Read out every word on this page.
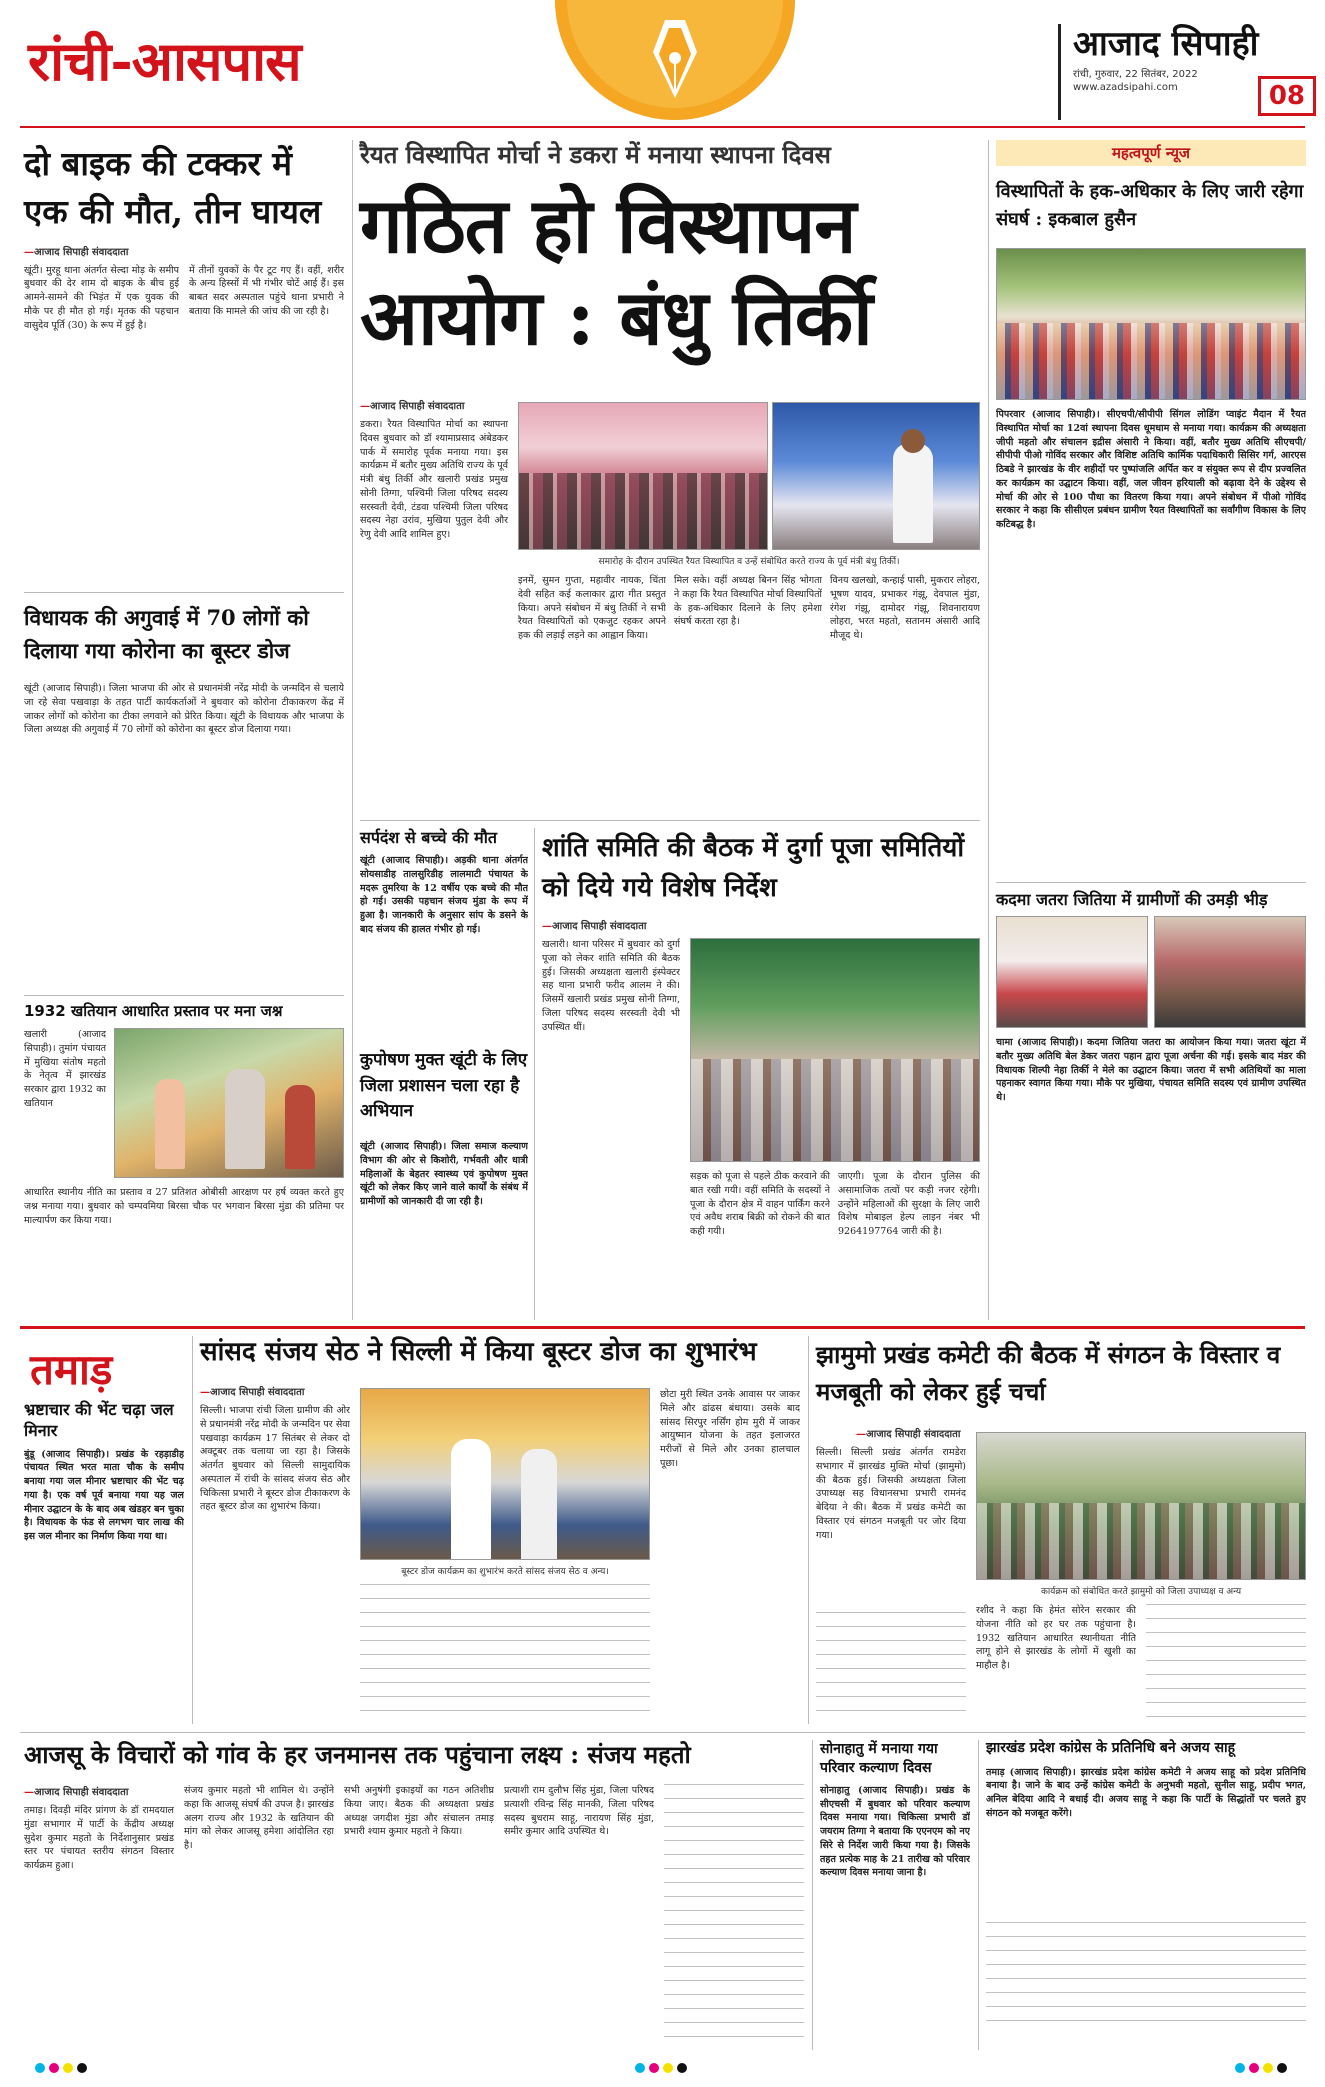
रांची-आसपास	आजाद सिपाही
रांची, गुरुवार, 22 सितंबर, 2022
www.azadsipahi.com	08
दो बाइक की टक्कर में एक की मौत, तीन घायल
— आजाद सिपाही संवाददाता
खूंटी। मुरहू थाना अंतर्गत सेल्दा मोड़ के समीप बुधवार की देर शाम दो बाइक के बीच हुई आमने-सामने की भिड़ंत में एक युवक की मौके पर ही मौत हो गई। मृतक की पहचान वासुदेव पूर्ति (30) के रूप में हुई है।
में तीनों युवकों के पैर टूट गए हैं। वहीं, शरीर के अन्य हिस्सों में भी गंभीर चोटें आई हैं। इस बाबत सदर अस्पताल पहुंचे थाना प्रभारी ने बताया कि मामले की जांच की जा रही है।
विधायक की अगुवाई में 70 लोगों को दिलाया गया कोरोना का बूस्टर डोज
खूंटी (आजाद सिपाही)। जिला भाजपा की ओर से प्रधानमंत्री नरेंद्र मोदी के जन्मदिन से चलाये जा रहे सेवा पखवाड़ा के तहत पार्टी कार्यकर्ताओं ने बुधवार को कोरोना टीकाकरण केंद्र में जाकर लोगों को कोरोना का टीका लगवाने को प्रेरित किया। खूंटी के विधायक और भाजपा के जिला अध्यक्ष की अगुवाई में 70 लोगों को कोरोना का बूस्टर डोज दिलाया गया।
1932 खतियान आधारित प्रस्ताव पर मना जश्न
खलारी (आजाद सिपाही)। तुमांग पंचायत में मुखिया संतोष महतो के नेतृत्व में झारखंड सरकार द्वारा 1932 का खतियान
आधारित स्थानीय नीति का प्रस्ताव व 27 प्रतिशत ओबीसी आरक्षण पर हर्ष व्यक्त करते हुए जश्न मनाया गया। बुधवार को चम्पवमिया बिरसा चौक पर भगवान बिरसा मुंडा की प्रतिमा पर माल्यार्पण कर किया गया।
रैयत विस्थापित मोर्चा ने डकरा में मनाया स्थापना दिवस
गठित हो विस्थापन
आयोग : बंधु तिर्की
— आजाद सिपाही संवाददाता
डकरा। रैयत विस्थापित मोर्चा का स्थापना दिवस बुधवार को डॉ श्यामाप्रसाद अंबेडकर पार्क में समारोह पूर्वक मनाया गया। इस कार्यक्रम में बतौर मुख्य अतिथि राज्य के पूर्व मंत्री बंधु तिर्की और खलारी प्रखंड प्रमुख सोनी तिग्गा, पश्चिमी जिला परिषद सदस्य सरस्वती देवी, टंडवा पश्चिमी जिला परिषद सदस्य नेहा उरांव, मुखिया पुतुल देवी और रेणु देवी आदि शामिल हुए।
समारोह के दौरान उपस्थित रैयत विस्थापित व उन्हें संबोधित करते राज्य के पूर्व मंत्री बंधु तिर्की।
इनमें, सुमन गुप्ता, महावीर नायक, चिंता देवी सहित कई कलाकार द्वारा गीत प्रस्तुत किया। अपने संबोधन में बंधु तिर्की ने सभी रैयत विस्थापितों को एकजुट रहकर अपने हक की लड़ाई लड़ने का आह्वान किया।
मिल सके। वहीं अध्यक्ष बिनन सिंह भोगता ने कहा कि रैयत विस्थापित मोर्चा विस्थापितों के हक-अधिकार दिलाने के लिए हमेशा संघर्ष करता रहा है।
विनय खलखो, कन्हाई पासी, मुकरार लोहरा, भूषण यादव, प्रभाकर गंझू, देवपाल मुंडा, रंगेश गंझू, दामोदर गंझू, शिवनारायण लोहरा, भरत महतो, सतानम अंसारी आदि मौजूद थे।
सर्पदंश से बच्चे की मौत
खूंटी (आजाद सिपाही)। अड़की थाना अंतर्गत सोयसाडीह तालसुरिडीह लालमाटी पंचायत के मदरू तुमरिया के 12 वर्षीय एक बच्चे की मौत हो गई। उसकी पहचान संजय मुंडा के रूप में हुआ है। जानकारी के अनुसार सांप के डसने के बाद संजय की हालत गंभीर हो गई।
कुपोषण मुक्त खूंटी के लिए जिला प्रशासन चला रहा है अभियान
खूंटी (आजाद सिपाही)। जिला समाज कल्याण विभाग की ओर से किशोरी, गर्भवती और धात्री महिलाओं के बेहतर स्वास्थ्य एवं कुपोषण मुक्त खूंटी को लेकर किए जाने वाले कार्यों के संबंध में ग्रामीणों को जानकारी दी जा रही है।
शांति समिति की बैठक में दुर्गा पूजा समितियों को दिये गये विशेष निर्देश
— आजाद सिपाही संवाददाता
खलारी। थाना परिसर में बुधवार को दुर्गा पूजा को लेकर शांति समिति की बैठक हुई। जिसकी अध्यक्षता खलारी इंस्पेक्टर सह थाना प्रभारी फरीद आलम ने की। जिसमें खलारी प्रखंड प्रमुख सोनी तिग्गा, जिला परिषद सदस्य सरस्वती देवी भी उपस्थित थीं।
सड़क को पूजा से पहले ठीक करवाने की बात रखी गयी। वहीं समिति के सदस्यों ने पूजा के दौरान क्षेत्र में वाहन पार्किंग करने एवं अवैध शराब बिक्री को रोकने की बात कही गयी।
जाएगी। पूजा के दौरान पुलिस की असामाजिक तत्वों पर कड़ी नजर रहेगी। उन्होंने महिलाओं की सुरक्षा के लिए जारी विशेष मोबाइल हेल्प लाइन नंबर भी 9264197764 जारी की है।
महत्वपूर्ण न्यूज
विस्थापितों के हक-अधिकार के लिए जारी रहेगा संघर्ष : इकबाल हुसैन
पिपरवार (आजाद सिपाही)। सीएचपी/सीपीपी सिंगल लोडिंग प्वाइंट मैदान में रैयत विस्थापित मोर्चा का 12वां स्थापना दिवस धूमधाम से मनाया गया। कार्यक्रम की अध्यक्षता जीपी महतो और संचालन इद्रीस अंसारी ने किया। वहीं, बतौर मुख्य अतिथि सीएचपी/सीपीपी पीओ गोविंद सरकार और विशिष्ट अतिथि कार्मिक पदाधिकारी सिसिर गर्ग, आरएस ठिबडे ने झारखंड के वीर शहीदों पर पुष्पांजलि अर्पित कर व संयुक्त रूप से दीप प्रज्वलित कर कार्यक्रम का उद्घाटन किया। वहीं, जल जीवन हरियाली को बढ़ावा देने के उद्देश्य से मोर्चा की ओर से 100 पौधा का वितरण किया गया। अपने संबोधन में पीओ गोविंद सरकार ने कहा कि सीसीएल प्रबंधन ग्रामीण रैयत विस्थापितों का सर्वांगीण विकास के लिए कटिबद्ध है।
कदमा जतरा जितिया में ग्रामीणों की उमड़ी भीड़
चामा (आजाद सिपाही)। कदमा जितिया जतरा का आयोजन किया गया। जतरा खूंटा में बतौर मुख्य अतिथि बेल डेकर जतरा पहान द्वारा पूजा अर्चना की गई। इसके बाद मंडर की विधायक शिल्पी नेहा तिर्की ने मेले का उद्घाटन किया। जतरा में सभी अतिथियों का माला पहनाकर स्वागत किया गया। मौके पर मुखिया, पंचायत समिति सदस्य एवं ग्रामीण उपस्थित थे।
तमाड़
भ्रष्टाचार की भेंट चढ़ा जल मिनार
बुंडू (आजाद सिपाही)। प्रखंड के रहड़ाडीह पंचायत स्थित भरत माता चौक के समीप बनाया गया जल मीनार भ्रष्टाचार की भेंट चढ़ गया है। एक वर्ष पूर्व बनाया गया यह जल मीनार उद्घाटन के के बाद अब खंडहर बन चुका है। विधायक के फंड से लगभग चार लाख की इस जल मीनार का निर्माण किया गया था।
सांसद संजय सेठ ने सिल्ली में किया बूस्टर डोज का शुभारंभ
— आजाद सिपाही संवाददाता
सिल्ली। भाजपा रांची जिला ग्रामीण की ओर से प्रधानमंत्री नरेंद्र मोदी के जन्मदिन पर सेवा पखवाड़ा कार्यक्रम 17 सितंबर से लेकर दो अक्टूबर तक चलाया जा रहा है। जिसके अंतर्गत बुधवार को सिल्ली सामुदायिक अस्पताल में रांची के सांसद संजय सेठ और चिकित्सा प्रभारी ने बूस्टर डोज टीकाकरण के तहत बूस्टर डोज का शुभारंभ किया।
बूस्टर डोज कार्यक्रम का शुभारंभ करते सांसद संजय सेठ व अन्य।
छोटा मुरी स्थित उनके आवास पर जाकर मिले और ढांढस बंधाया। उसके बाद सांसद सिरपुर नर्सिंग होम मुरी में जाकर आयुष्मान योजना के तहत इलाजरत मरीजों से मिले और उनका हालचाल पूछा।
झामुमो प्रखंड कमेटी की बैठक में संगठन के विस्तार व मजबूती को लेकर हुई चर्चा
— आजाद सिपाही संवाददाता
सिल्ली। सिल्ली प्रखंड अंतर्गत रामडेरा सभागार में झारखंड मुक्ति मोर्चा (झामुमो) की बैठक हुई। जिसकी अध्यक्षता जिला उपाध्यक्ष सह विधानसभा प्रभारी रामनंद बेदिया ने की। बैठक में प्रखंड कमेटी का विस्तार एवं संगठन मजबूती पर जोर दिया गया।
कार्यक्रम को संबोधित करते झामुमो को जिला उपाध्यक्ष व अन्य
रशीद ने कहा कि हेमंत सोरेन सरकार की योजना नीति को हर घर तक पहुंचाना है। 1932 खतियान आधारित स्थानीयता नीति लागू होने से झारखंड के लोगों में खुशी का माहौल है।
आजसू के विचारों को गांव के हर जनमानस तक पहुंचाना लक्ष्य : संजय महतो
— आजाद सिपाही संवाददाता
तमाड़। दिवड़ी मंदिर प्रांगण के डॉ रामदयाल मुंडा सभागार में पार्टी के केंद्रीय अध्यक्ष सुदेश कुमार महतो के निर्देशानुसार प्रखंड स्तर पर पंचायत स्तरीय संगठन विस्तार कार्यक्रम हुआ।
संजय कुमार महतो भी शामिल थे। उन्होंने कहा कि आजसू संघर्ष की उपज है। झारखंड अलग राज्य और 1932 के खतियान की मांग को लेकर आजसू हमेशा आंदोलित रहा है।
सभी अनुषंगी इकाइयों का गठन अतिशीघ्र किया जाए। बैठक की अध्यक्षता प्रखंड अध्यक्ष जगदीश मुंडा और संचालन तमाड़ प्रभारी श्याम कुमार महतो ने किया।
प्रत्याशी राम दुलौभ सिंह मुंडा, जिला परिषद प्रत्याशी रविन्द्र सिंह मानकी, जिला परिषद सदस्य बुधराम साहू, नारायण सिंह मुंडा, समीर कुमार आदि उपस्थित थे।
सोनाहातु में मनाया गया परिवार कल्याण दिवस
सोनाहातु (आजाद सिपाही)। प्रखंड के सीएचसी में बुधवार को परिवार कल्याण दिवस मनाया गया। चिकित्सा प्रभारी डॉ जयराम तिग्गा ने बताया कि एएनएम को नए सिरे से निर्देश जारी किया गया है। जिसके तहत प्रत्येक माह के 21 तारीख को परिवार कल्याण दिवस मनाया जाना है।
झारखंड प्रदेश कांग्रेस के प्रतिनिधि बने अजय साहू
तमाड़ (आजाद सिपाही)। झारखंड प्रदेश कांग्रेस कमेटी ने अजय साहू को प्रदेश प्रतिनिधि बनाया है। जाने के बाद उन्हें कांग्रेस कमेटी के अनुभवी महतो, सुनील साहू, प्रदीप भगत, अनिल बेदिया आदि ने बधाई दी। अजय साहू ने कहा कि पार्टी के सिद्धांतों पर चलते हुए संगठन को मजबूत करेंगे।
